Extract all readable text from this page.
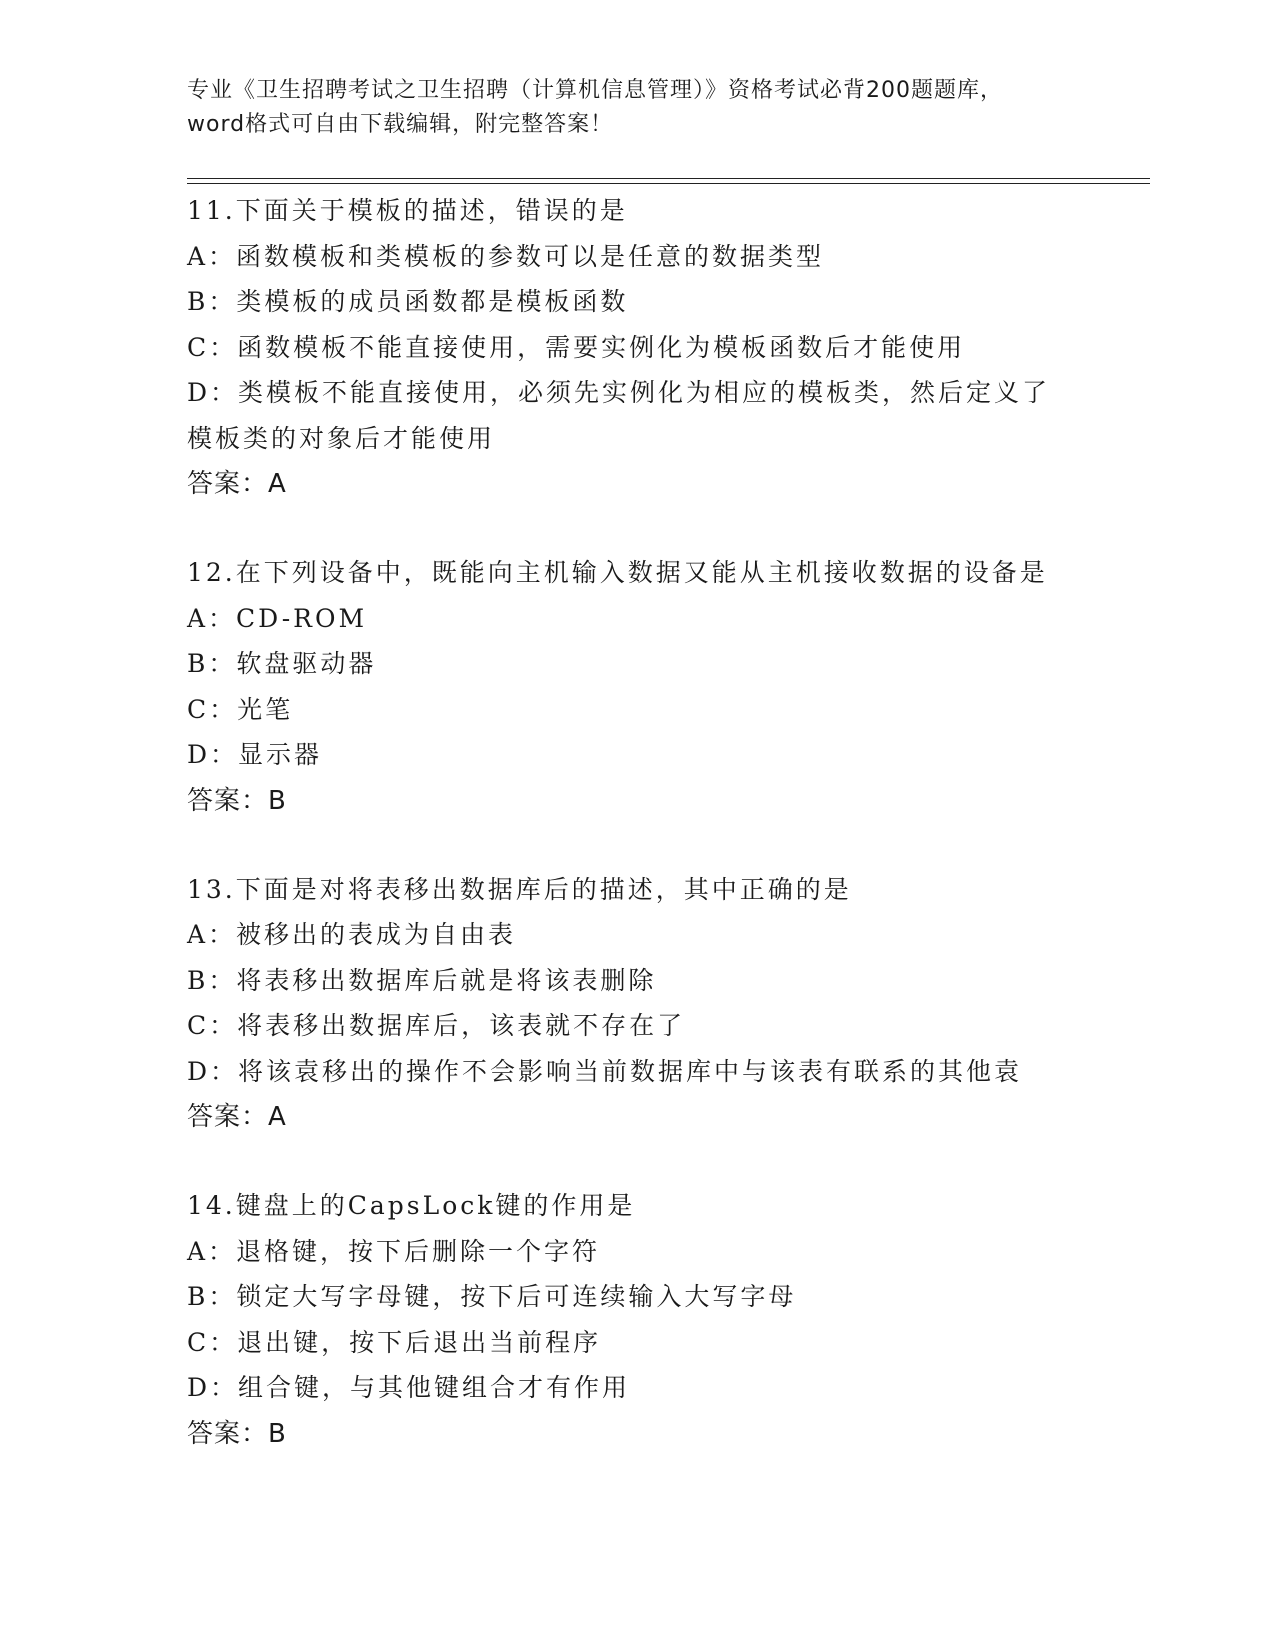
专业《卫生招聘考试之卫生招聘（计算机信息管理）》资格考试必背200题题库，
word格式可自由下载编辑，附完整答案！
11.下面关于模板的描述，错误的是
A：函数模板和类模板的参数可以是任意的数据类型
B：类模板的成员函数都是模板函数
C：函数模板不能直接使用，需要实例化为模板函数后才能使用
D：类模板不能直接使用，必须先实例化为相应的模板类，然后定义了
模板类的对象后才能使用
答案：A
12.在下列设备中，既能向主机输入数据又能从主机接收数据的设备是
A：CD-ROM
B：软盘驱动器
C：光笔
D：显示器
答案：B
13.下面是对将表移出数据库后的描述，其中正确的是
A：被移出的表成为自由表
B：将表移出数据库后就是将该表删除
C：将表移出数据库后，该表就不存在了
D：将该袁移出的操作不会影响当前数据库中与该表有联系的其他袁
答案：A
14.键盘上的CapsLock键的作用是
A：退格键，按下后删除一个字符
B：锁定大写字母键，按下后可连续输入大写字母
C：退出键，按下后退出当前程序
D：组合键，与其他键组合才有作用
答案：B
